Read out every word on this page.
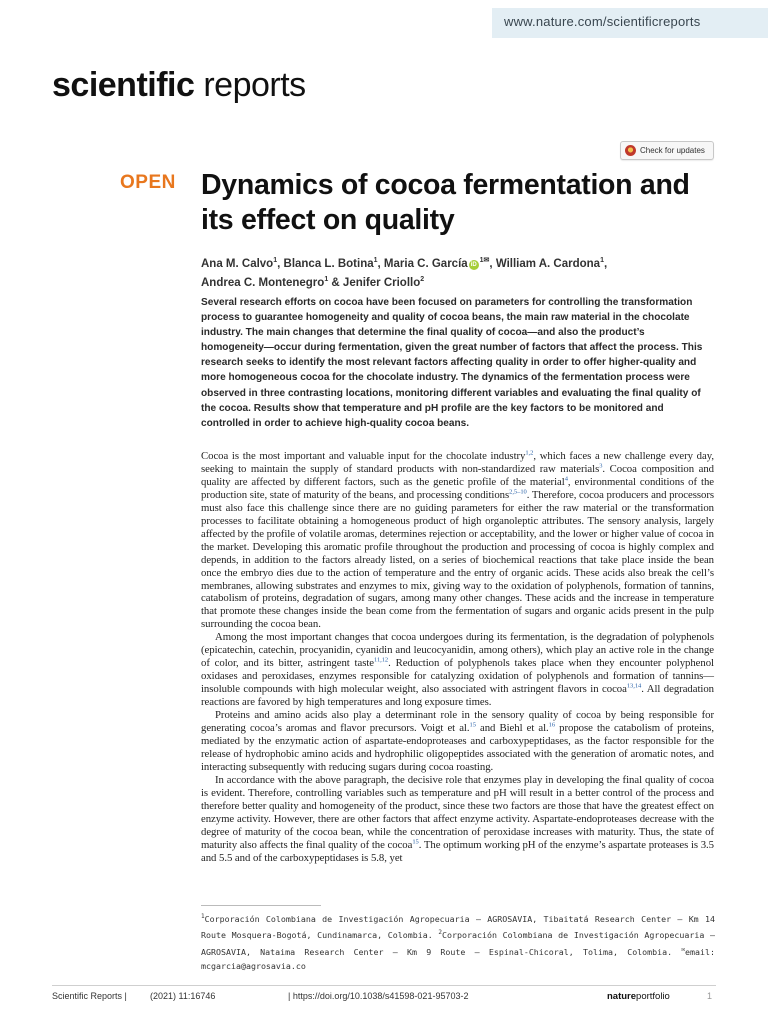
www.nature.com/scientificreports
scientific reports
Check for updates
OPEN Dynamics of cocoa fermentation and its effect on quality
Ana M. Calvo$^1$, Blanca L. Botina$^1$, Maria C. García $iD^{1✉}$, William A. Cardona$^1$,
Andrea C. Montenegro$^1$ & Jenifer Criollo$^2$
Several research efforts on cocoa have been focused on parameters for controlling the transformation process to guarantee homogeneity and quality of cocoa beans, the main raw material in the chocolate industry. The main changes that determine the final quality of cocoa—and also the product’s homogeneity—occur during fermentation, given the great number of factors that affect the process. This research seeks to identify the most relevant factors affecting quality in order to offer higher-quality and more homogeneous cocoa for the chocolate industry. The dynamics of the fermentation process were observed in three contrasting locations, monitoring different variables and evaluating the final quality of the cocoa. Results show that temperature and pH profile are the key factors to be monitored and controlled in order to achieve high-quality cocoa beans.

Cocoa is the most important and valuable input for the chocolate industry$^{1,2}$, which faces a new challenge every day, seeking to maintain the supply of standard products with non-standardized raw materials$^3$. Cocoa composition and quality are affected by different factors, such as the genetic profile of the material$^4$, environmental conditions of the production site, state of maturity of the beans, and processing conditions$^{2,5-10}$. Therefore, cocoa producers and processors must also face this challenge since there are no guiding parameters for either the raw material or the transformation processes to facilitate obtaining a homogeneous product of high organoleptic attributes. The sensory analysis, largely affected by the profile of volatile aromas, determines rejection or acceptability, and the lower or higher value of cocoa in the market. Developing this aromatic profile throughout the production and processing of cocoa is highly complex and depends, in addition to the factors already listed, on a series of biochemical reactions that take place inside the bean once the embryo dies due to the action of temperature and the entry of organic acids. These acids also break the cell’s membranes, allowing substrates and enzymes to mix, giving way to the oxidation of polyphenols, formation of tannins, catabolism of proteins, degradation of sugars, among many other changes. These acids and the increase in temperature that promote these changes inside the bean come from the fermentation of sugars and organic acids present in the pulp surrounding the cocoa bean.

Among the most important changes that cocoa undergoes during its fermentation, is the degradation of polyphenols (epicatechin, catechin, procyanidin, cyanidin and leucocyanidin, among others), which play an active role in the change of color, and its bitter, astringent taste$^{11,12}$. Reduction of polyphenols takes place when they encounter polyphenol oxidases and peroxidases, enzymes responsible for catalyzing oxidation of polyphenols and formation of tannins—insoluble compounds with high molecular weight, also associated with astringent flavors in cocoa$^{13,14}$. All degradation reactions are favored by high temperatures and long exposure times.

Proteins and amino acids also play a determinant role in the sensory quality of cocoa by being responsible for generating cocoa’s aromas and flavor precursors. Voigt et al.$^{15}$ and Biehl et al.$^{16}$ propose the catabolism of proteins, mediated by the enzymatic action of aspartate-endoproteases and carboxypeptidases, as the factor responsible for the release of hydrophobic amino acids and hydrophilic oligopeptides associated with the generation of aromatic notes, and interacting subsequently with reducing sugars during cocoa roasting.

In accordance with the above paragraph, the decisive role that enzymes play in developing the final quality of cocoa is evident. Therefore, controlling variables such as temperature and pH will result in a better control of the process and therefore better quality and homogeneity of the product, since these two factors are those that have the greatest effect on enzyme activity. However, there are other factors that affect enzyme activity. Aspartate-endoproteases decrease with the degree of maturity of the cocoa bean, while the concentration of peroxidase increases with maturity. Thus, the state of maturity also affects the final quality of the cocoa$^{15}$. The optimum working pH of the enzyme’s aspartate proteases is 3.5 and 5.5 and of the carboxypeptidases is 5.8, yet

$^1$Corporación Colombiana de Investigación Agropecuaria – AGROSAVIA, Tibaitatá Research Center – Km 14 Route Mosquera-Bogotá, Cundinamarca, Colombia. $^2$Corporación Colombiana de Investigación Agropecuaria – AGROSAVIA, Nataima Research Center – Km 9 Route – Espinal-Chicoral, Tolima, Colombia. ✉email: mcgarcia@agrosavia.co
Scientific Reports |	(2021) 11:16746	| https://doi.org/10.1038/s41598-021-95703-2	natureportfolio	1
